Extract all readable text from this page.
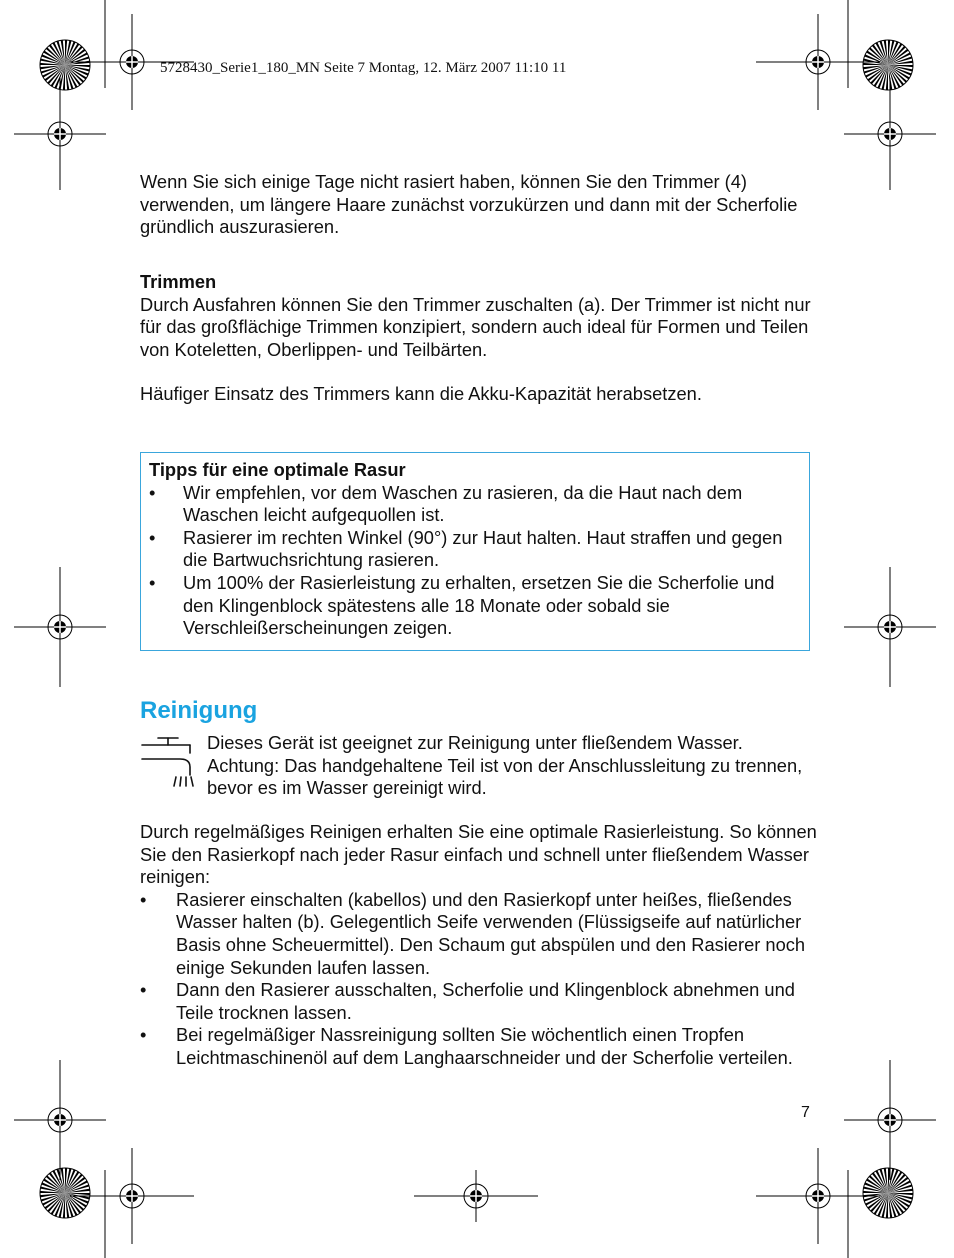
5728430_Serie1_180_MN Seite 7 Montag, 12. März 2007 11:10 11
Wenn Sie sich einige Tage nicht rasiert haben, können Sie den Trimmer (4) verwenden, um längere Haare zunächst vorzukürzen und dann mit der Scherfolie gründlich auszurasieren.
Trimmen

Durch Ausfahren können Sie den Trimmer zuschalten (a). Der Trimmer ist nicht nur für das großflächige Trimmen konzipiert, sondern auch ideal für Formen und Teilen von Koteletten, Oberlippen- und Teilbärten.

Häufiger Einsatz des Trimmers kann die Akku-Kapazität herabsetzen.
Tipps für eine optimale Rasur
• Wir empfehlen, vor dem Waschen zu rasieren, da die Haut nach dem Waschen leicht aufgequollen ist.
• Rasierer im rechten Winkel (90°) zur Haut halten. Haut straffen und gegen die Bartwuchsrichtung rasieren.
• Um 100% der Rasierleistung zu erhalten, ersetzen Sie die Scherfolie und den Klingenblock spätestens alle 18 Monate oder sobald sie Verschleißerscheinungen zeigen.
Reinigung
Dieses Gerät ist geeignet zur Reinigung unter fließendem Wasser. Achtung: Das handgehaltene Teil ist von der Anschlussleitung zu trennen, bevor es im Wasser gereinigt wird.

Durch regelmäßiges Reinigen erhalten Sie eine optimale Rasierleistung. So können Sie den Rasierkopf nach jeder Rasur einfach und schnell unter fließendem Wasser reinigen:

• Rasierer einschalten (kabellos) und den Rasierkopf unter heißes, fließendes Wasser halten (b). Gelegentlich Seife verwenden (Flüssigseife auf natürlicher Basis ohne Scheuermittel). Den Schaum gut abspülen und den Rasierer noch einige Sekunden laufen lassen.
• Dann den Rasierer ausschalten, Scherfolie und Klingenblock abnehmen und Teile trocknen lassen.
• Bei regelmäßiger Nassreinigung sollten Sie wöchentlich einen Tropfen Leichtmaschinenöl auf dem Langhaarschneider und der Scherfolie verteilen.
7
